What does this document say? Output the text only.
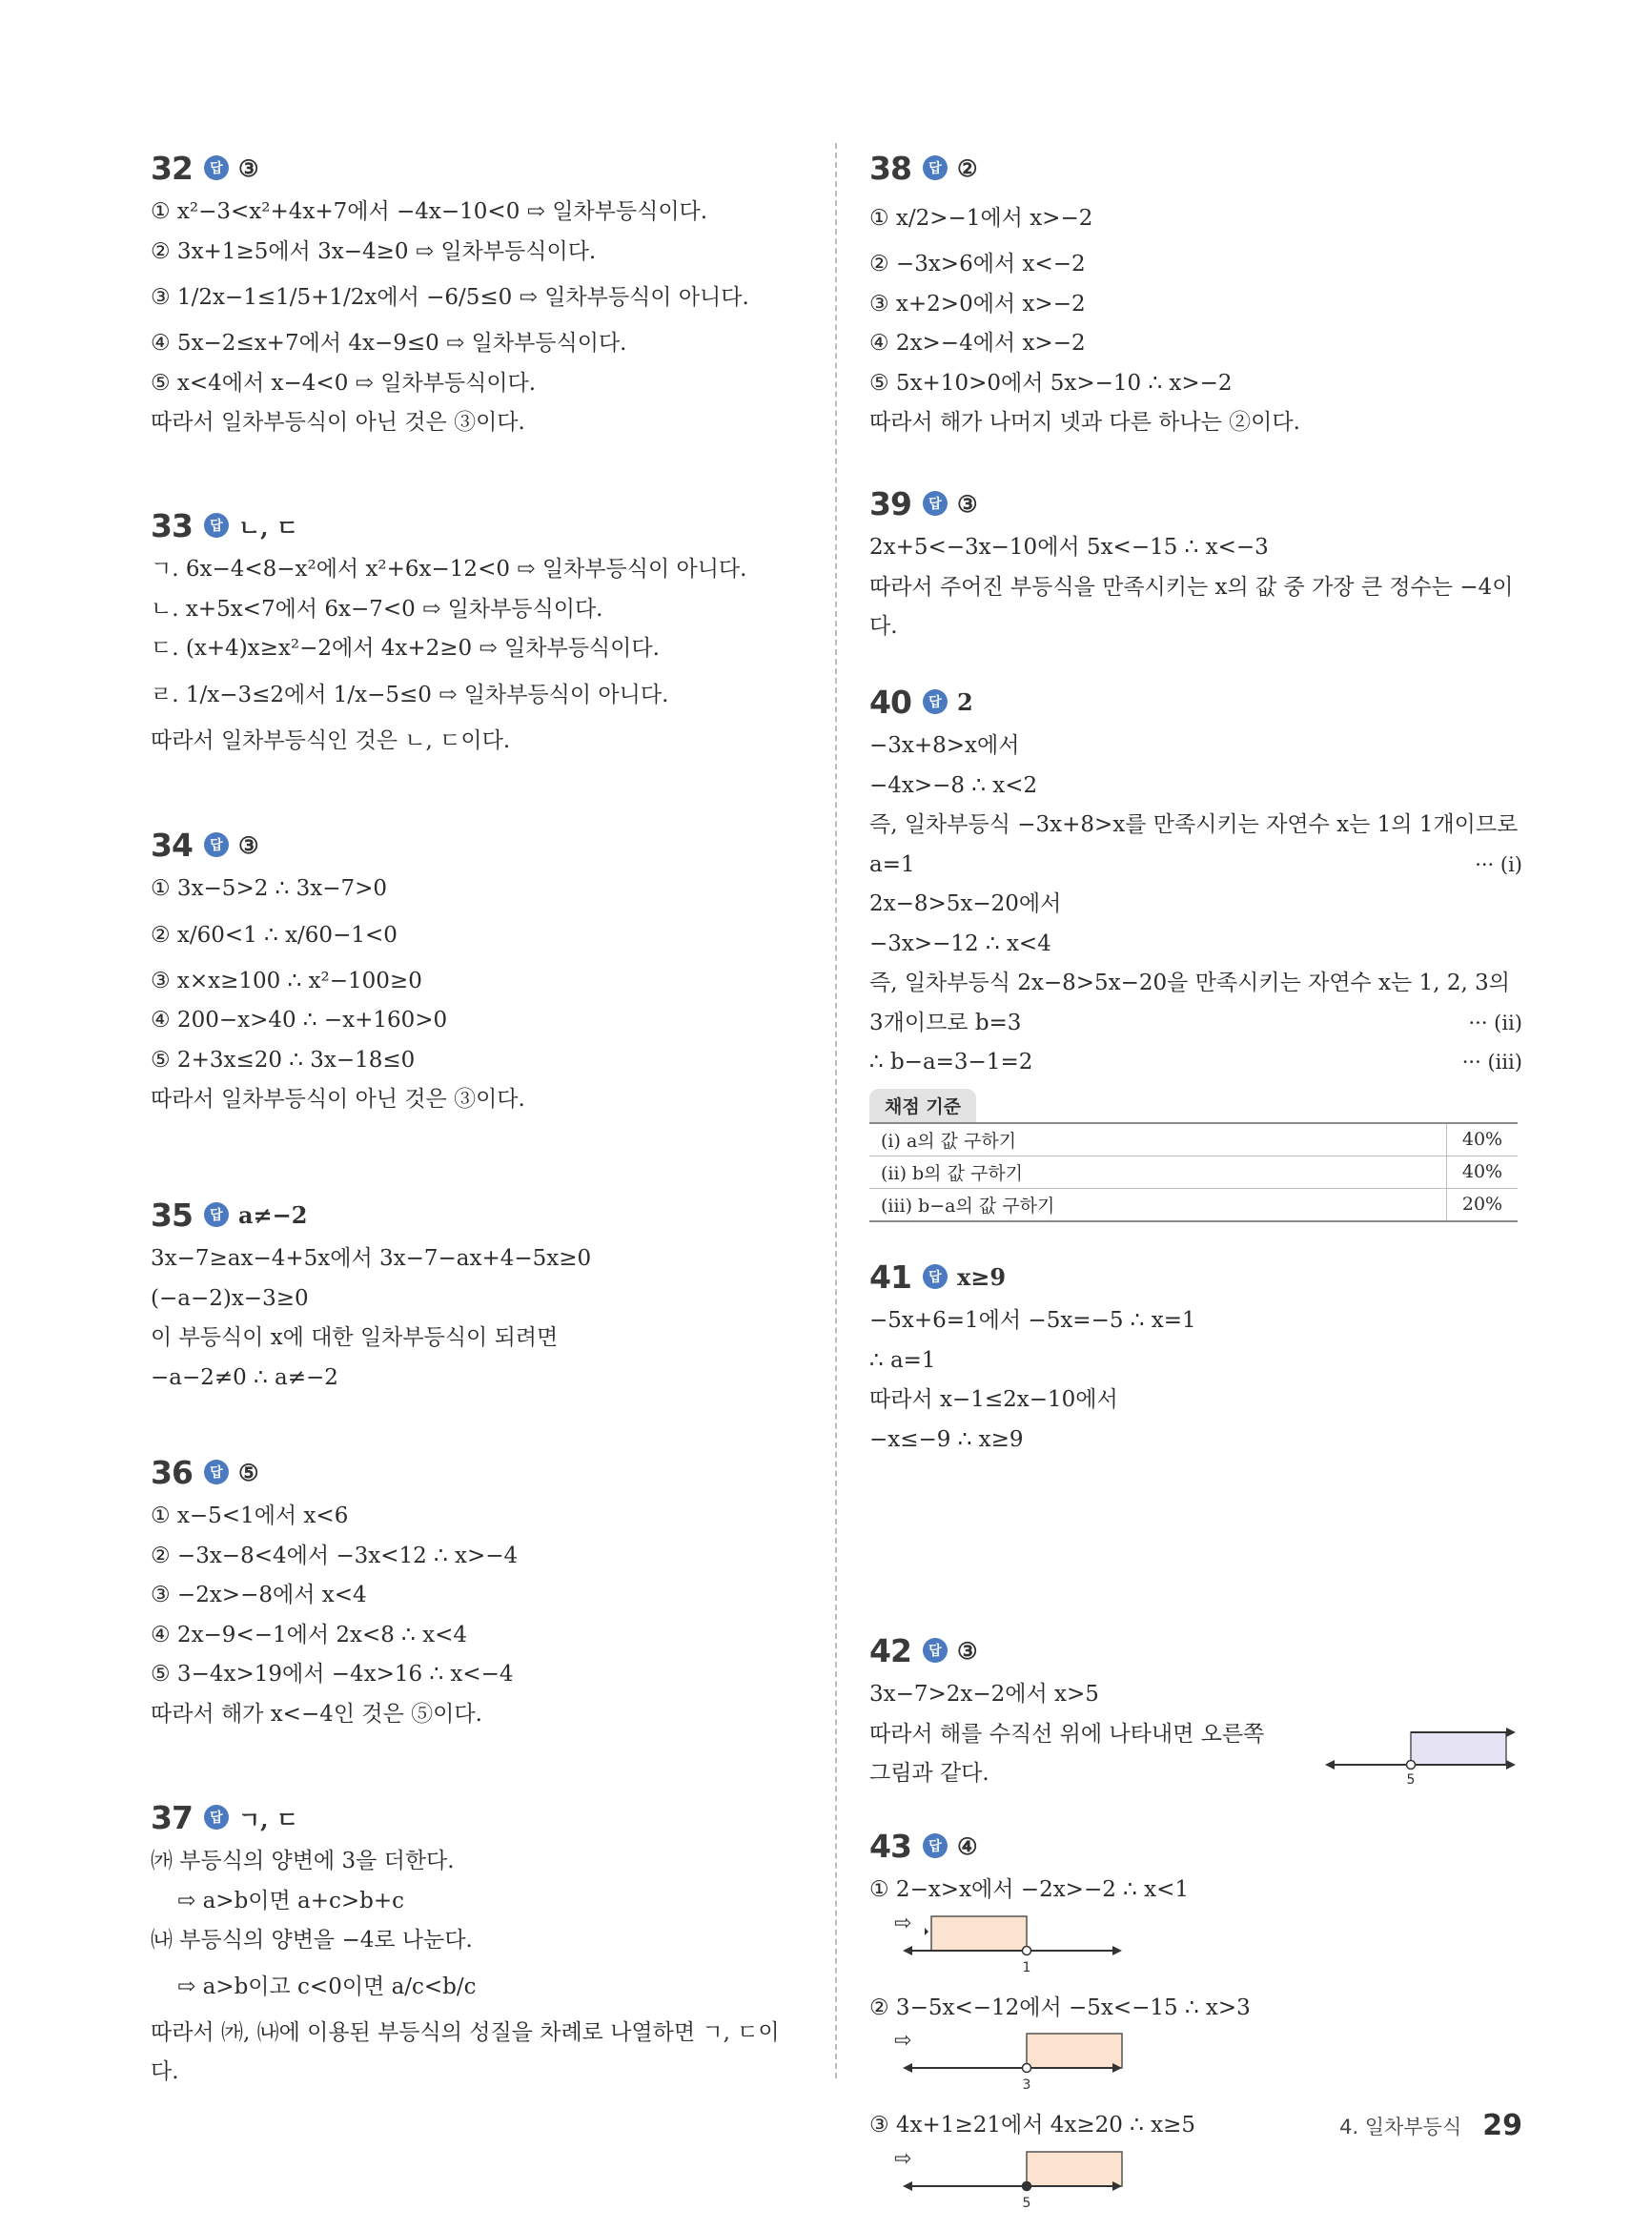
32	답 ③
① x²−3<x²+4x+7에서 −4x−10<0 ⇨ 일차부등식이다.
② 3x+1≥5에서 3x−4≥0 ⇨ 일차부등식이다.
③ 1/2x−1≤1/5+1/2x에서 −6/5≤0 ⇨ 일차부등식이 아니다.
④ 5x−2≤x+7에서 4x−9≤0 ⇨ 일차부등식이다.
⑤ x<4에서 x−4<0 ⇨ 일차부등식이다.
따라서 일차부등식이 아닌 것은 ③이다.
33	답 ㄴ, ㄷ
ㄱ. 6x−4<8−x²에서 x²+6x−12<0 ⇨ 일차부등식이 아니다.
ㄴ. x+5x<7에서 6x−7<0 ⇨ 일차부등식이다.
ㄷ. (x+4)x≥x²−2에서 4x+2≥0 ⇨ 일차부등식이다.
ㄹ. 1/x−3≤2에서 1/x−5≤0 ⇨ 일차부등식이 아니다.
따라서 일차부등식인 것은 ㄴ, ㄷ이다.
34	답 ③
① 3x−5>2 ∴ 3x−7>0
② x/60<1 ∴ x/60−1<0
③ x×x≥100 ∴ x²−100≥0
④ 200−x>40 ∴ −x+160>0
⑤ 2+3x≤20 ∴ 3x−18≤0
따라서 일차부등식이 아닌 것은 ③이다.
35	답 a≠−2
3x−7≥ax−4+5x에서 3x−7−ax+4−5x≥0
(−a−2)x−3≥0
이 부등식이 x에 대한 일차부등식이 되려면
−a−2≠0 ∴ a≠−2
36	답 ⑤
① x−5<1에서 x<6
② −3x−8<4에서 −3x<12 ∴ x>−4
③ −2x>−8에서 x<4
④ 2x−9<−1에서 2x<8 ∴ x<4
⑤ 3−4x>19에서 −4x>16 ∴ x<−4
따라서 해가 x<−4인 것은 ⑤이다.
37	답 ㄱ, ㄷ
㈎ 부등식의 양변에 3을 더한다.
⇨ a>b이면 a+c>b+c
㈏ 부등식의 양변을 −4로 나눈다.
⇨ a>b이고 c<0이면 a/c<b/c
따라서 ㈎, ㈏에 이용된 부등식의 성질을 차례로 나열하면 ㄱ, ㄷ이다.
38	답 ②
① x/2>−1에서 x>−2
② −3x>6에서 x<−2
③ x+2>0에서 x>−2
④ 2x>−4에서 x>−2
⑤ 5x+10>0에서 5x>−10 ∴ x>−2
따라서 해가 나머지 넷과 다른 하나는 ②이다.
39	답 ③
2x+5<−3x−10에서 5x<−15 ∴ x<−3
따라서 주어진 부등식을 만족시키는 x의 값 중 가장 큰 정수는 −4이다.
40	답 2
−3x+8>x에서
−4x>−8 ∴ x<2
즉, 일차부등식 −3x+8>x를 만족시키는 자연수 x는 1의 1개이므로
a=1	··· (ⅰ)
2x−8>5x−20에서
−3x>−12 ∴ x<4
즉, 일차부등식 2x−8>5x−20을 만족시키는 자연수 x는 1, 2, 3의
3개이므로 b=3	··· (ⅱ)
∴ b−a=3−1=2	··· (ⅲ)
채점 기준
(ⅰ) a의 값 구하기	40%
(ⅱ) b의 값 구하기	40%
(ⅲ) b−a의 값 구하기	20%
41	답 x≥9
−5x+6=1에서 −5x=−5 ∴ x=1
∴ a=1
따라서 x−1≤2x−10에서
−x≤−9 ∴ x≥9
42	답 ③
3x−7>2x−2에서 x>5
따라서 해를 수직선 위에 나타내면 오른쪽
그림과 같다.	5
43	답 ④
① 2−x>x에서 −2x>−2 ∴ x<1
⇨
1
② 3−5x<−12에서 −5x<−15 ∴ x>3
⇨
3
③ 4x+1≥21에서 4x≥20 ∴ x≥5
⇨
5
4. 일차부등식 29
